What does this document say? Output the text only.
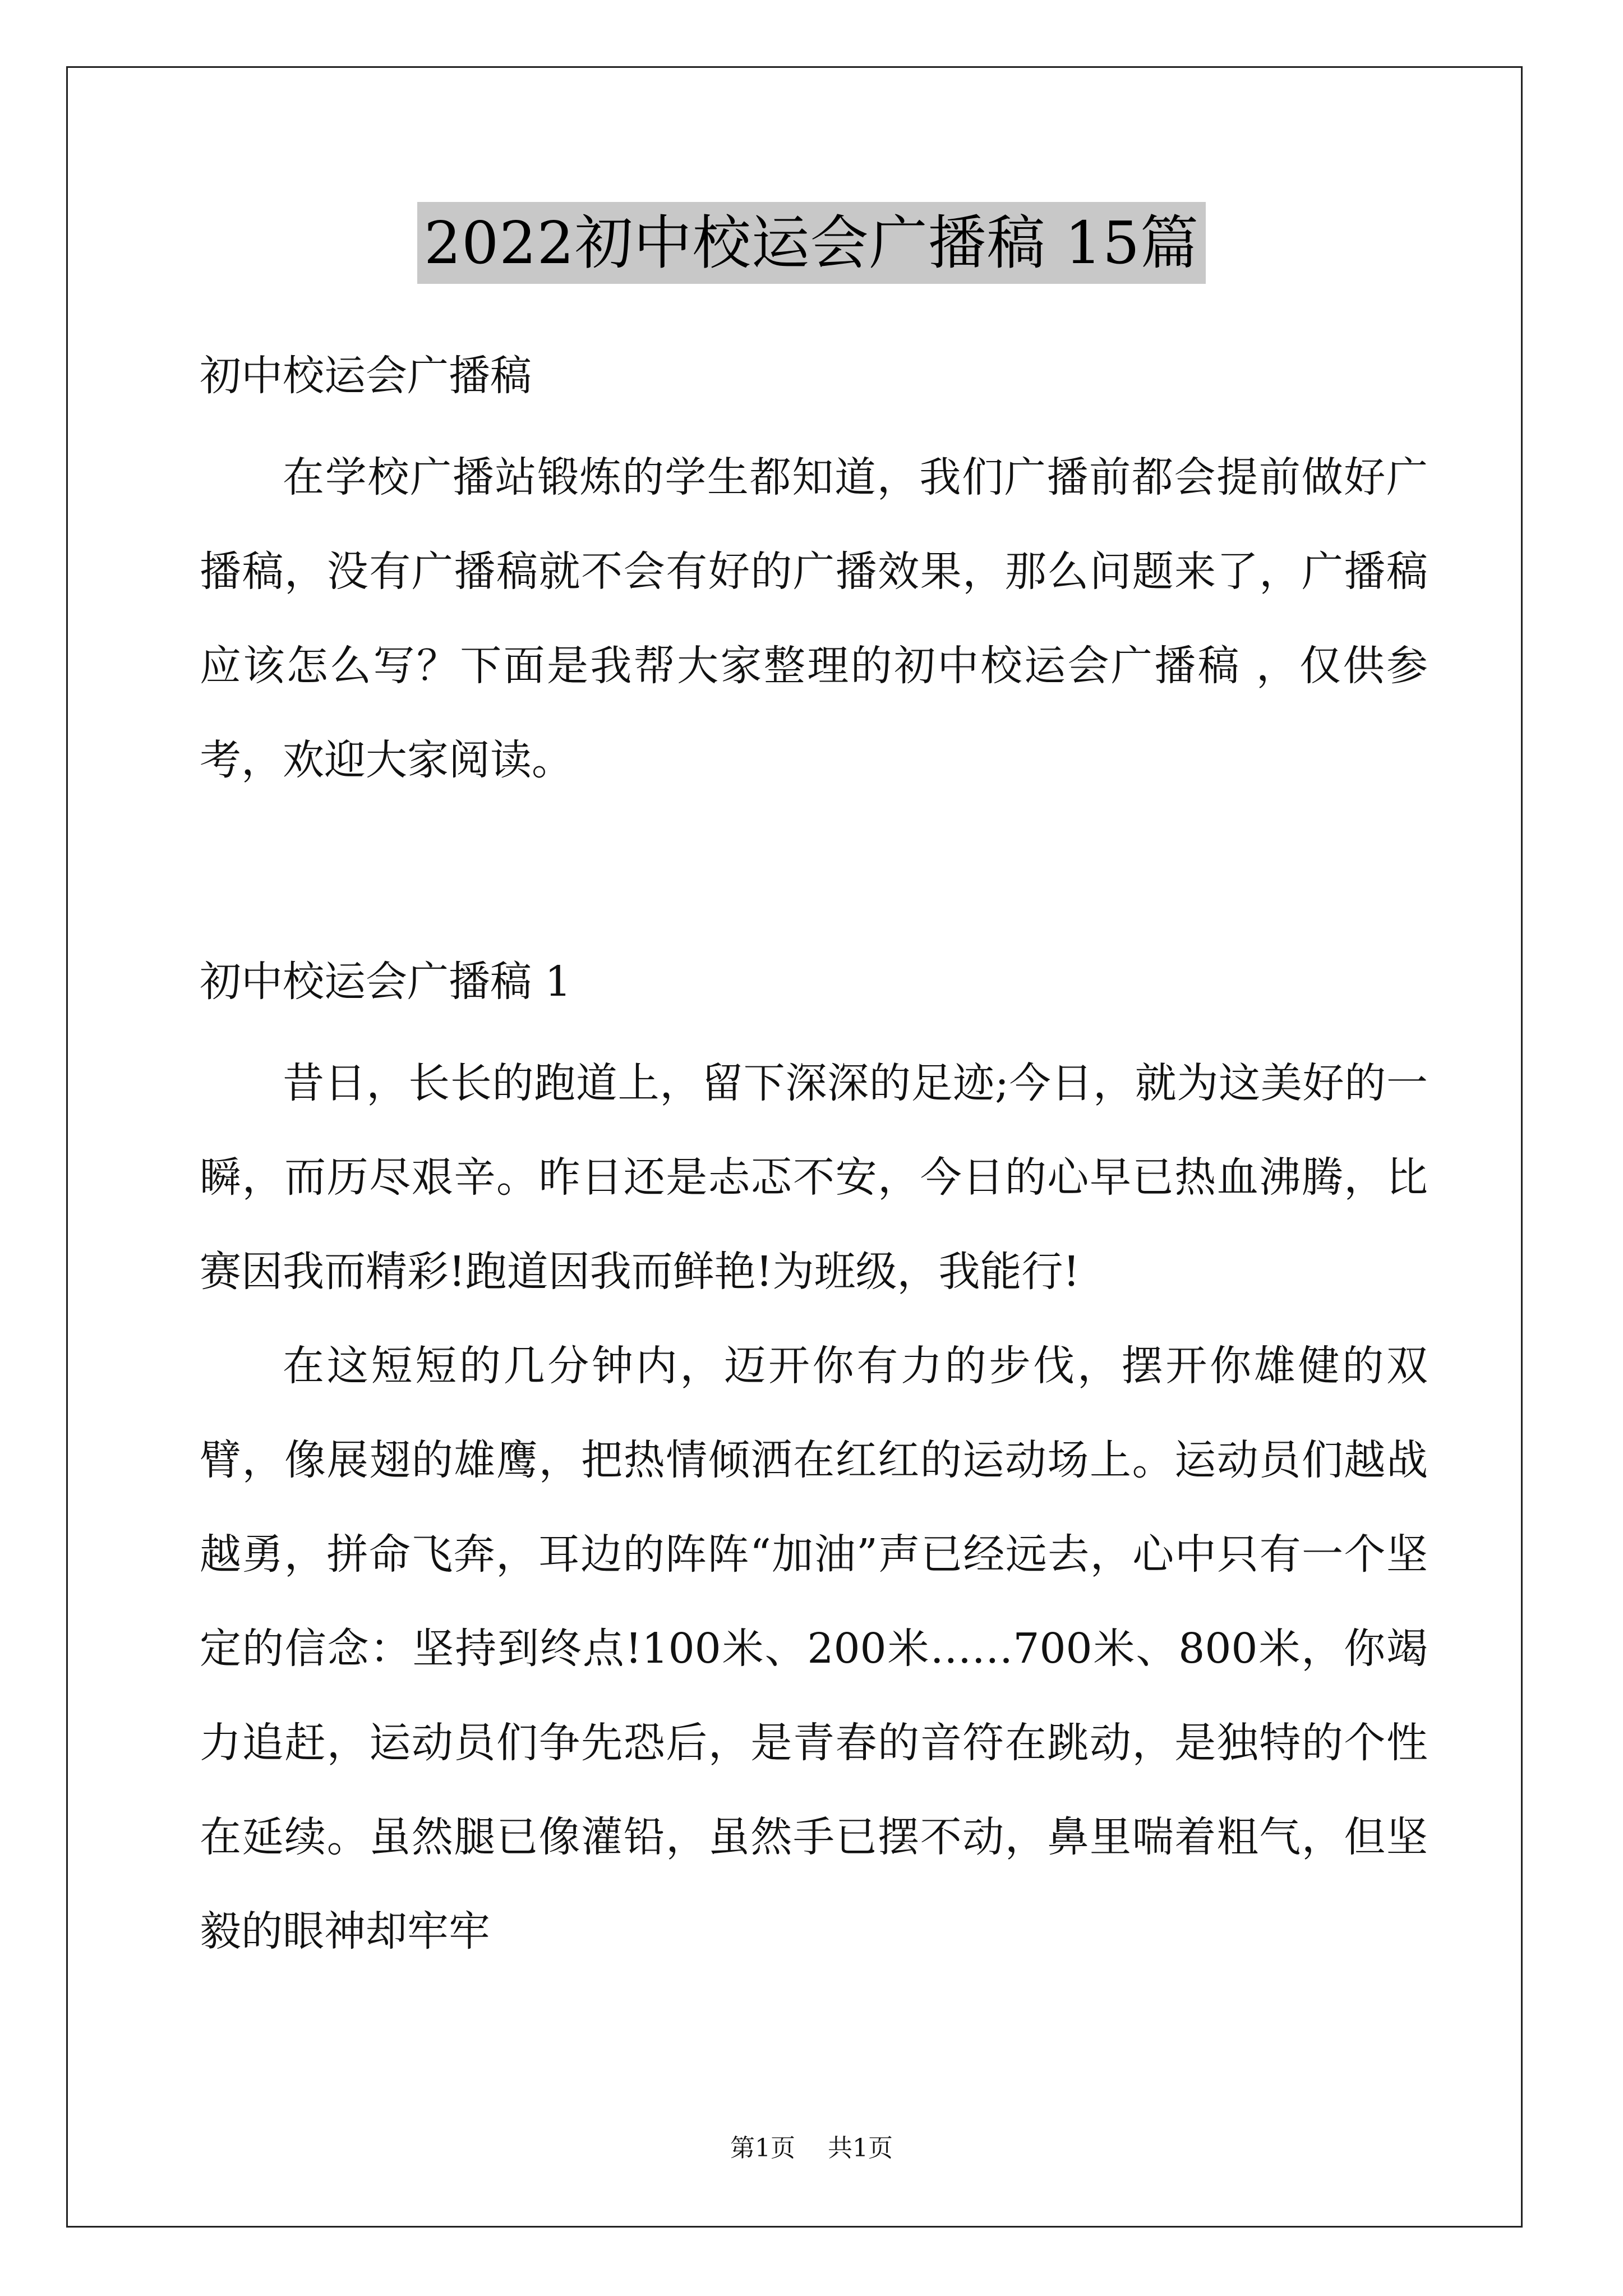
2022初中校运会广播稿 15篇

初中校运会广播稿

在学校广播站锻炼的学生都知道，我们广播前都会提前做好广播稿，没有广播稿就不会有好的广播效果，那么问题来了，广播稿应该怎么写？下面是我帮大家整理的初中校运会广播稿 ，仅供参考，欢迎大家阅读。

初中校运会广播稿 1

昔日，长长的跑道上，留下深深的足迹;今日，就为这美好的一瞬，而历尽艰辛。昨日还是忐忑不安，今日的心早已热血沸腾，比赛因我而精彩!跑道因我而鲜艳!为班级，我能行!

在这短短的几分钟内，迈开你有力的步伐，摆开你雄健的双臂，像展翅的雄鹰，把热情倾洒在红红的运动场上。运动员们越战越勇，拼命飞奔，耳边的阵阵“加油”声已经远去，心中只有一个坚定的信念：坚持到终点!100米、200米……700米、800米，你竭力追赶，运动员们争先恐后，是青春的音符在跳动，是独特的个性在延续。虽然腿已像灌铅，虽然手已摆不动，鼻里喘着粗气，但坚毅的眼神却牢牢

第1页 共1页
